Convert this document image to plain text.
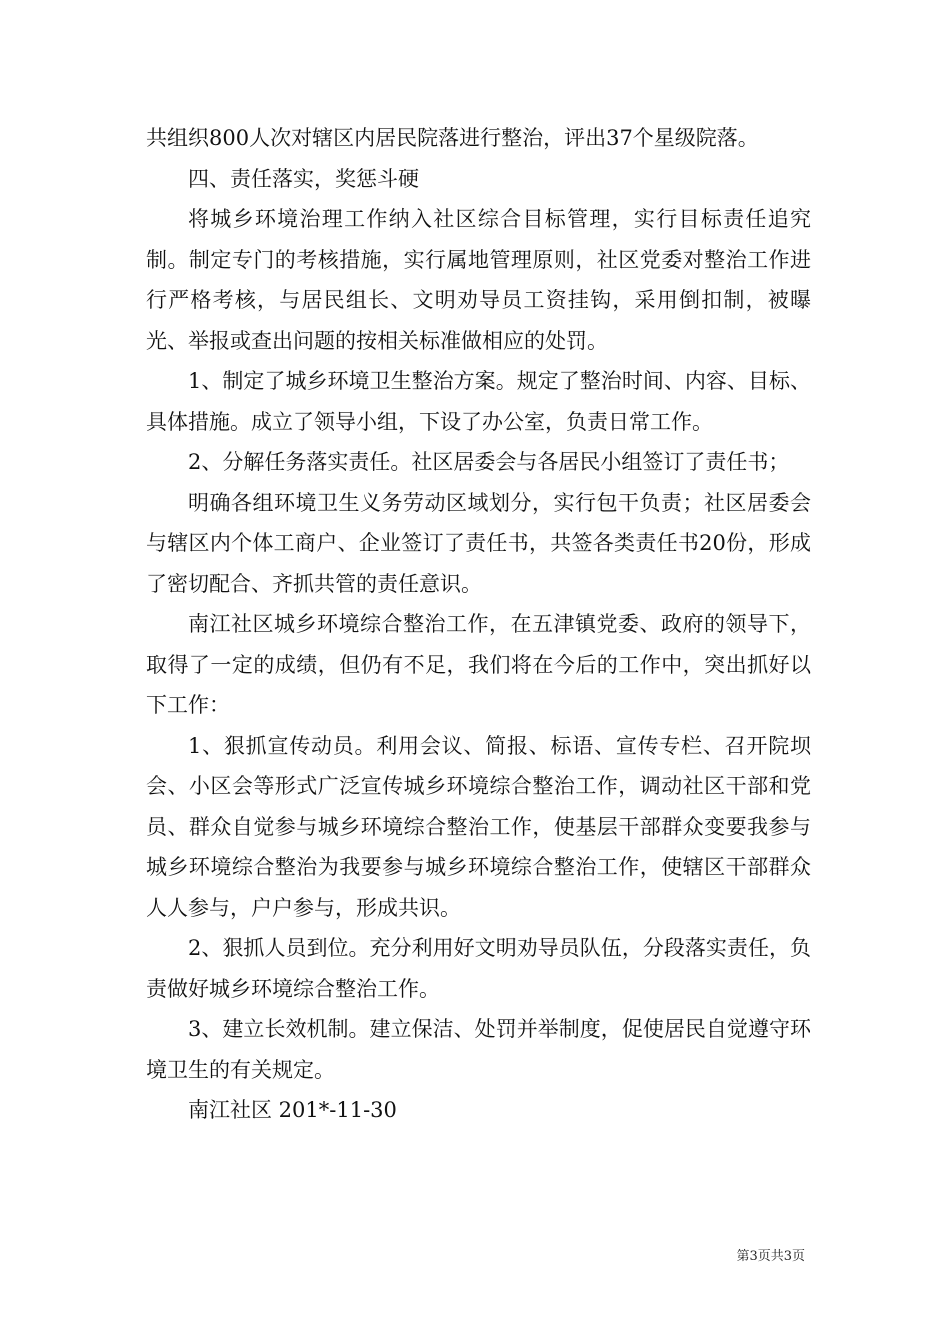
共组织800人次对辖区内居民院落进行整治，评出37个星级院落。

四、责任落实，奖惩斗硬

将城乡环境治理工作纳入社区综合目标管理，实行目标责任追究制。制定专门的考核措施，实行属地管理原则，社区党委对整治工作进行严格考核，与居民组长、文明劝导员工资挂钩，采用倒扣制，被曝光、举报或查出问题的按相关标准做相应的处罚。

1、制定了城乡环境卫生整治方案。规定了整治时间、内容、目标、具体措施。成立了领导小组，下设了办公室，负责日常工作。

2、分解任务落实责任。社区居委会与各居民小组签订了责任书；

明确各组环境卫生义务劳动区域划分，实行包干负责；社区居委会与辖区内个体工商户、企业签订了责任书，共签各类责任书20份，形成了密切配合、齐抓共管的责任意识。

南江社区城乡环境综合整治工作，在五津镇党委、政府的领导下，取得了一定的成绩，但仍有不足，我们将在今后的工作中，突出抓好以下工作：

1、狠抓宣传动员。利用会议、简报、标语、宣传专栏、召开院坝会、小区会等形式广泛宣传城乡环境综合整治工作，调动社区干部和党员、群众自觉参与城乡环境综合整治工作，使基层干部群众变要我参与城乡环境综合整治为我要参与城乡环境综合整治工作，使辖区干部群众人人参与，户户参与，形成共识。

2、狠抓人员到位。充分利用好文明劝导员队伍，分段落实责任，负责做好城乡环境综合整治工作。

3、建立长效机制。建立保洁、处罚并举制度，促使居民自觉遵守环境卫生的有关规定。

南江社区 201*-11-30

第3页共3页
